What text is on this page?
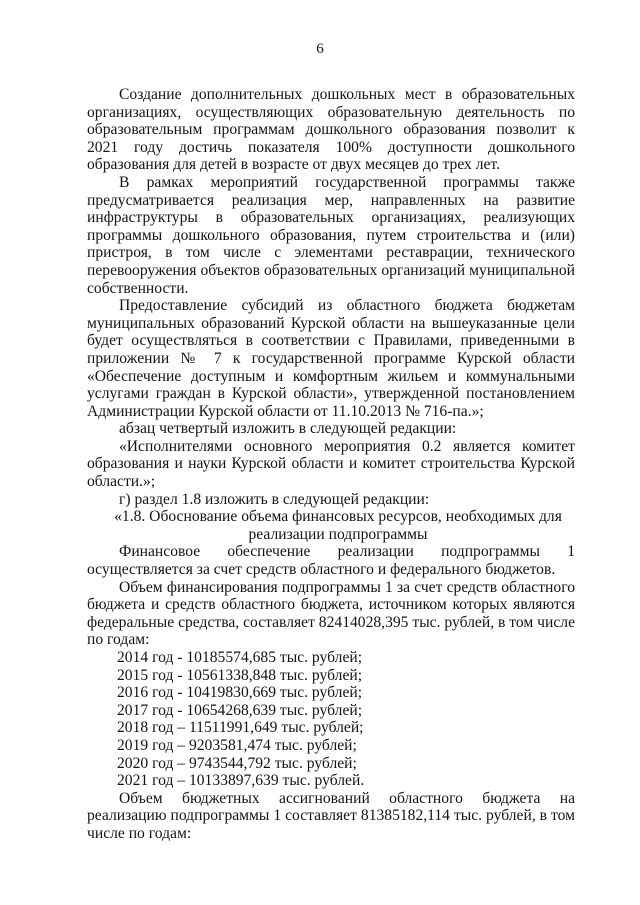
6

Создание дополнительных дошкольных мест в образовательных организациях, осуществляющих образовательную деятельность по образовательным программам дошкольного образования позволит к 2021 году достичь показателя 100% доступности дошкольного образования для детей в возрасте от двух месяцев до трех лет.

В рамках мероприятий государственной программы также предусматривается реализация мер, направленных на развитие инфраструктуры в образовательных организациях, реализующих программы дошкольного образования, путем строительства и (или) пристроя, в том числе с элементами реставрации, технического перевооружения объектов образовательных организаций муниципальной собственности.

Предоставление субсидий из областного бюджета бюджетам муниципальных образований Курской области на вышеуказанные цели будет осуществляться в соответствии с Правилами, приведенными в приложении № 7 к государственной программе Курской области «Обеспечение доступным и комфортным жильем и коммунальными услугами граждан в Курской области», утвержденной постановлением Администрации Курской области от 11.10.2013 № 716-па.»;

абзац четвертый изложить в следующей редакции:

«Исполнителями основного мероприятия 0.2 является комитет образования и науки Курской области и комитет строительства Курской области.»;

г) раздел 1.8 изложить в следующей редакции:

«1.8. Обоснование объема финансовых ресурсов, необходимых для реализации подпрограммы

Финансовое обеспечение реализации подпрограммы 1 осуществляется за счет средств областного и федерального бюджетов.

Объем финансирования подпрограммы 1 за счет средств областного бюджета и средств областного бюджета, источником которых являются федеральные средства, составляет 82414028,395 тыс. рублей, в том числе по годам:

2014 год - 10185574,685 тыс. рублей;

2015 год - 10561338,848 тыс. рублей;

2016 год - 10419830,669 тыс. рублей;

2017 год - 10654268,639 тыс. рублей;

2018 год – 11511991,649 тыс. рублей;

2019 год – 9203581,474 тыс. рублей;

2020 год – 9743544,792 тыс. рублей;

2021 год – 10133897,639 тыс. рублей.

Объем бюджетных ассигнований областного бюджета на реализацию подпрограммы 1 составляет 81385182,114 тыс. рублей, в том числе по годам:
